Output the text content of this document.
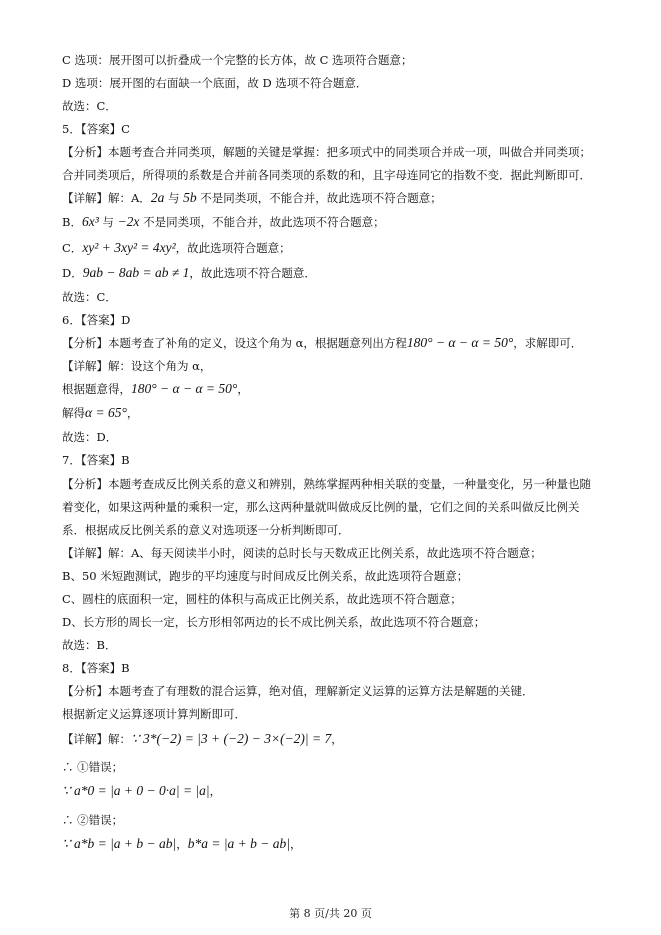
C 选项：展开图可以折叠成一个完整的长方体，故 C 选项符合题意；
D 选项：展开图的右面缺一个底面，故 D 选项不符合题意．
故选：C．
5．【答案】C
【分析】本题考查合并同类项，解题的关键是掌握：把多项式中的同类项合并成一项，叫做合并同类项；
合并同类项后，所得项的系数是合并前各同类项的系数的和，且字母连同它的指数不变．据此判断即可．
【详解】解：A．2a 与 5b 不是同类项，不能合并，故此选项不符合题意；
B．6x³ 与 −2x 不是同类项，不能合并，故此选项不符合题意；
C．xy² + 3xy² = 4xy²，故此选项符合题意；
D．9ab − 8ab = ab ≠ 1，故此选项不符合题意．
故选：C．
6．【答案】D
【分析】本题考查了补角的定义，设这个角为 α，根据题意列出方程180° − α − α = 50°，求解即可．
【详解】解：设这个角为 α，
根据题意得，180° − α − α = 50°，
解得α = 65°，
故选：D．
7．【答案】B
【分析】本题考查成反比例关系的意义和辨别，熟练掌握两种相关联的变量，一种量变化，另一种量也随
着变化，如果这两种量的乘积一定，那么这两种量就叫做成反比例的量，它们之间的关系叫做反比例关
系．根据成反比例关系的意义对选项逐一分析判断即可．
【详解】解：A、每天阅读半小时，阅读的总时长与天数成正比例关系，故此选项不符合题意；
B、50 米短跑测试，跑步的平均速度与时间成反比例关系，故此选项符合题意；
C、圆柱的底面积一定，圆柱的体积与高成正比例关系，故此选项不符合题意；
D、长方形的周长一定，长方形相邻两边的长不成比例关系，故此选项不符合题意；
故选：B．
8．【答案】B
【分析】本题考查了有理数的混合运算，绝对值，理解新定义运算的运算方法是解题的关键．
根据新定义运算逐项计算判断即可．
【详解】解：∵ 3*(−2) = |3 + (−2) − 3×(−2)| = 7，
∴ ①错误；
∵ a*0 = |a + 0 − 0·a| = |a|，
∴ ②错误；
∵ a*b = |a + b − ab|，b*a = |a + b − ab|，
第 8 页/共 20 页
